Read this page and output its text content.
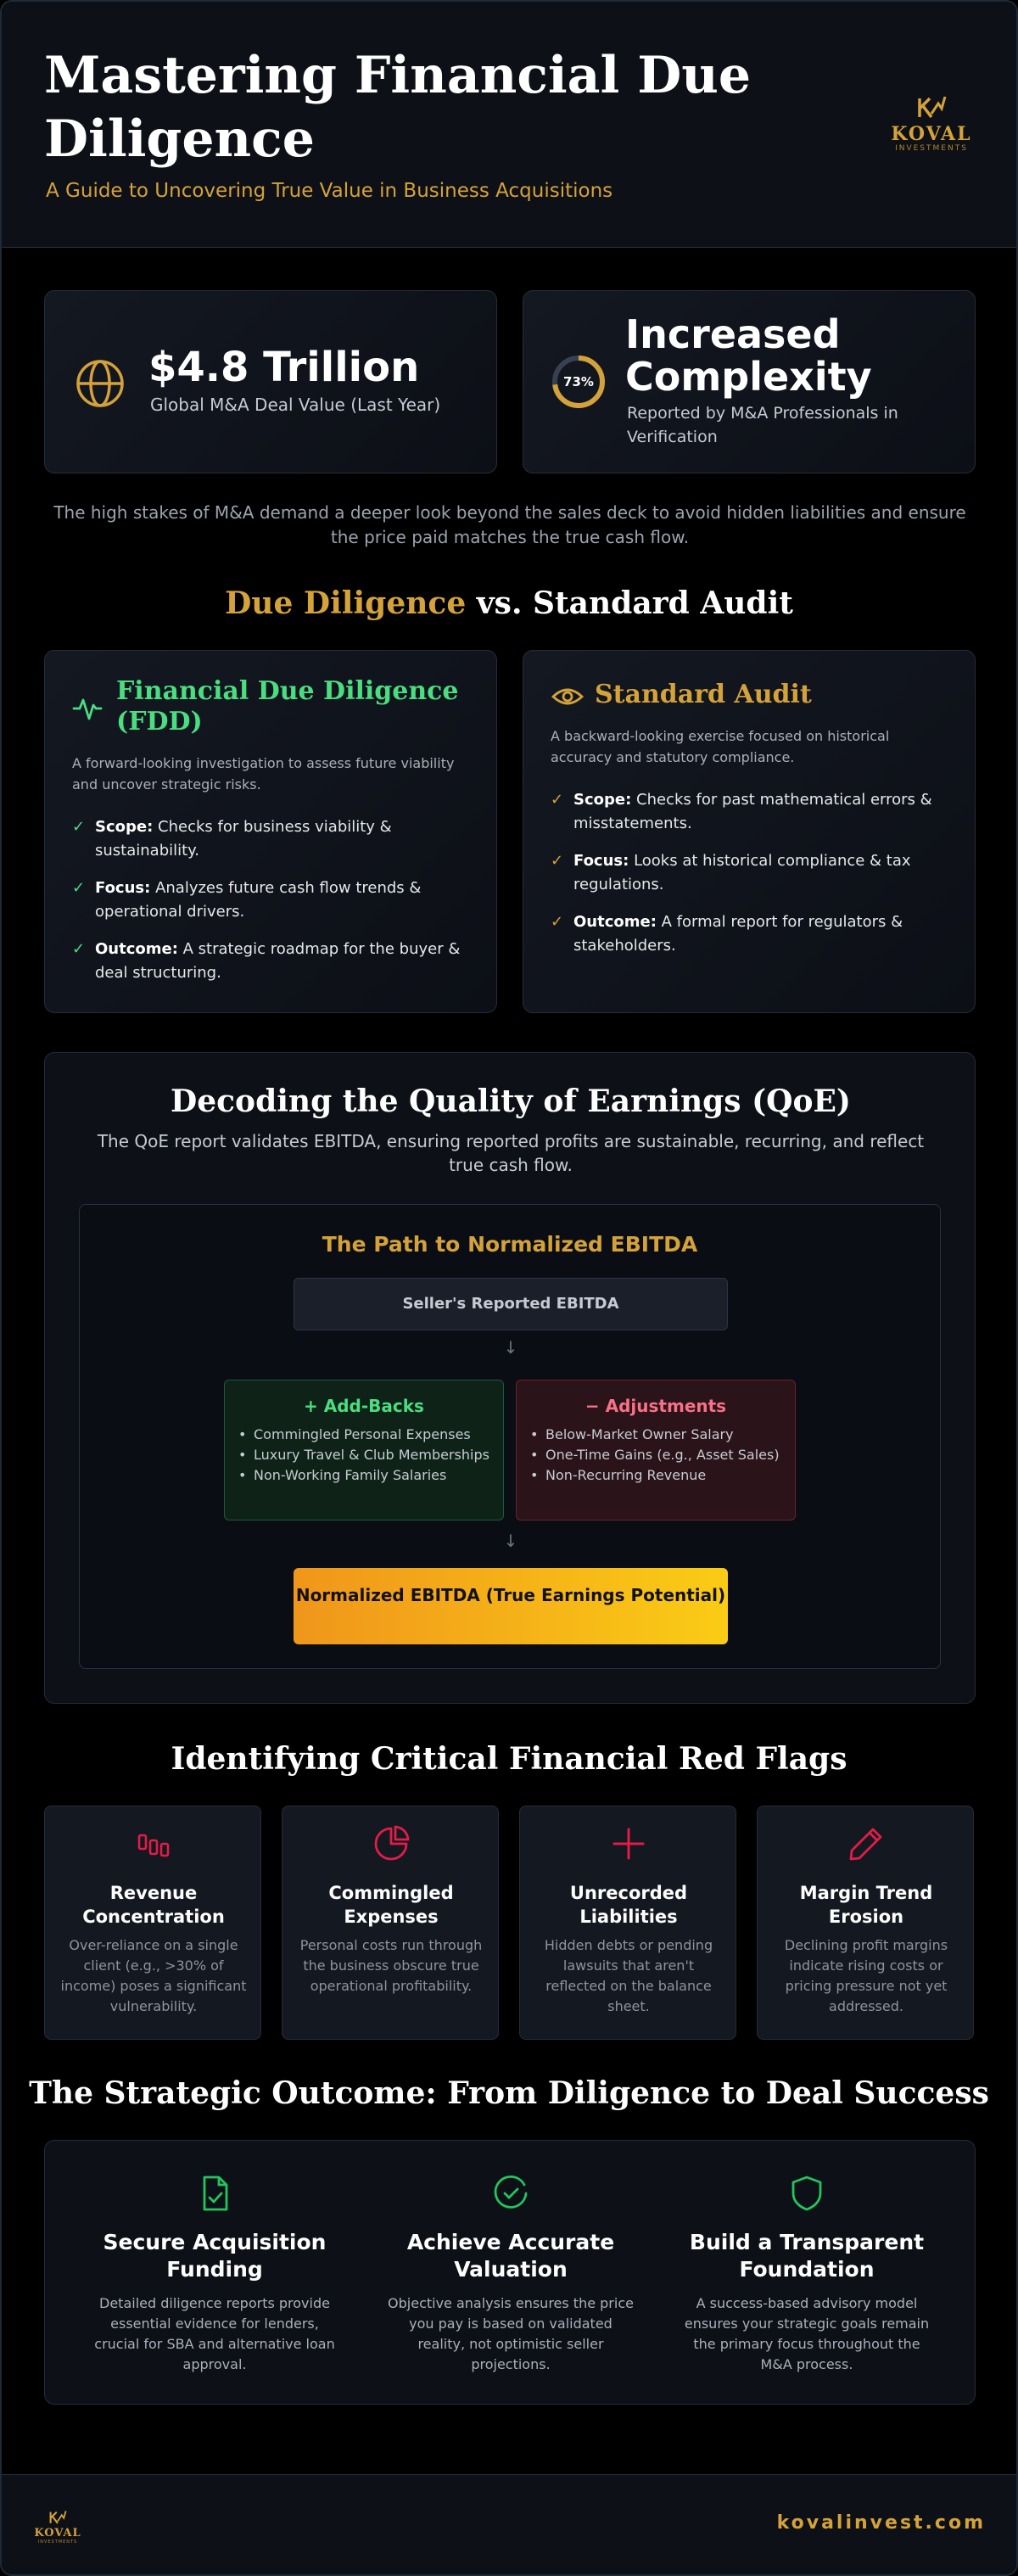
Mastering Financial Due Diligence
A Guide to Uncovering True Value in Business Acquisitions
KOVAL
INVESTMENTS
$4.8 Trillion
Global M&A Deal Value (Last Year)
73%
Increased Complexity
Reported by M&A Professionals in Verification
The high stakes of M&A demand a deeper look beyond the sales deck to avoid hidden liabilities and ensure the price paid matches the true cash flow.
Due Diligence vs. Standard Audit
Financial Due Diligence (FDD)
A forward-looking investigation to assess future viability and uncover strategic risks.
✓ Scope: Checks for business viability & sustainability.
✓ Focus: Analyzes future cash flow trends & operational drivers.
✓ Outcome: A strategic roadmap for the buyer & deal structuring.
Standard Audit
A backward-looking exercise focused on historical accuracy and statutory compliance.
✓ Scope: Checks for past mathematical errors & misstatements.
✓ Focus: Looks at historical compliance & tax regulations.
✓ Outcome: A formal report for regulators & stakeholders.
Decoding the Quality of Earnings (QoE)
The QoE report validates EBITDA, ensuring reported profits are sustainable, recurring, and reflect true cash flow.
The Path to Normalized EBITDA
Seller's Reported EBITDA
↓
+ Add-Backs
• Commingled Personal Expenses
• Luxury Travel & Club Memberships
• Non-Working Family Salaries
− Adjustments
• Below-Market Owner Salary
• One-Time Gains (e.g., Asset Sales)
• Non-Recurring Revenue
↓
Normalized EBITDA (True Earnings Potential)
Identifying Critical Financial Red Flags
Revenue Concentration

Over-reliance on a single client (e.g., >30% of income) poses a significant vulnerability.

Commingled Expenses

Personal costs run through the business obscure true operational profitability.

Unrecorded Liabilities

Hidden debts or pending lawsuits that aren't reflected on the balance sheet.

Margin Trend Erosion

Declining profit margins indicate rising costs or pricing pressure not yet addressed.

The Strategic Outcome: From Diligence to Deal Success
Secure Acquisition Funding

Detailed diligence reports provide essential evidence for lenders, crucial for SBA and alternative loan approval.

Achieve Accurate Valuation

Objective analysis ensures the price you pay is based on validated reality, not optimistic seller projections.

Build a Transparent Foundation

A success-based advisory model ensures your strategic goals remain the primary focus throughout the M&A process.

KOVAL
INVESTMENTS
kovalinvest.com
